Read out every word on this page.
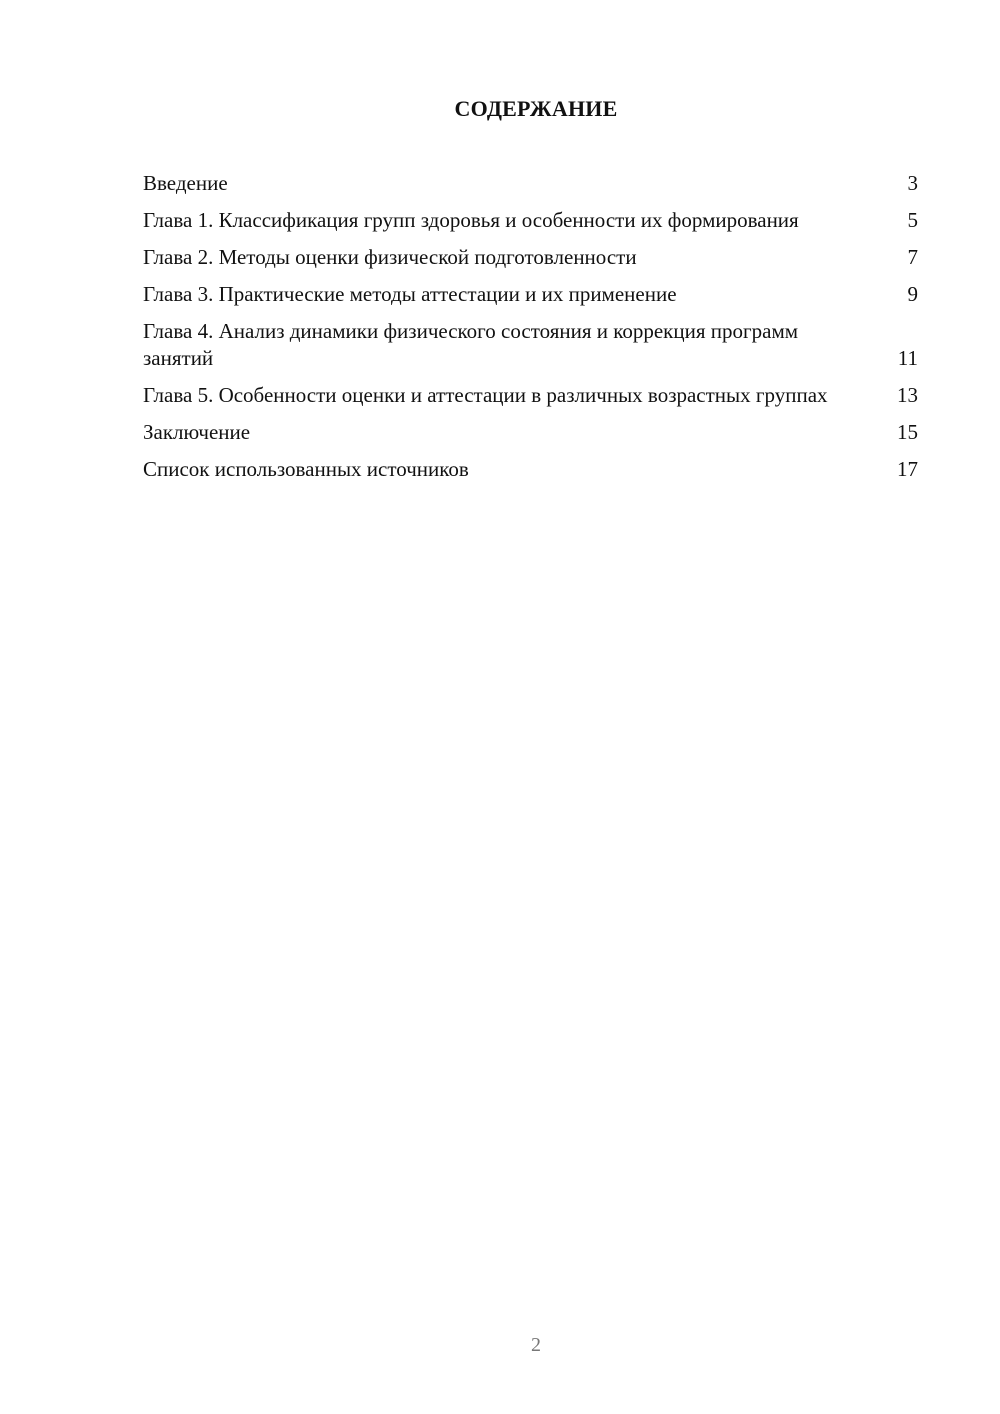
СОДЕРЖАНИЕ
Введение	3
Глава 1. Классификация групп здоровья и особенности их формирования	5
Глава 2. Методы оценки физической подготовленности	7
Глава 3. Практические методы аттестации и их применение	9
Глава 4. Анализ динамики физического состояния и коррекция программ занятий	11
Глава 5. Особенности оценки и аттестации в различных возрастных группах	13
Заключение	15
Список использованных источников	17
2
